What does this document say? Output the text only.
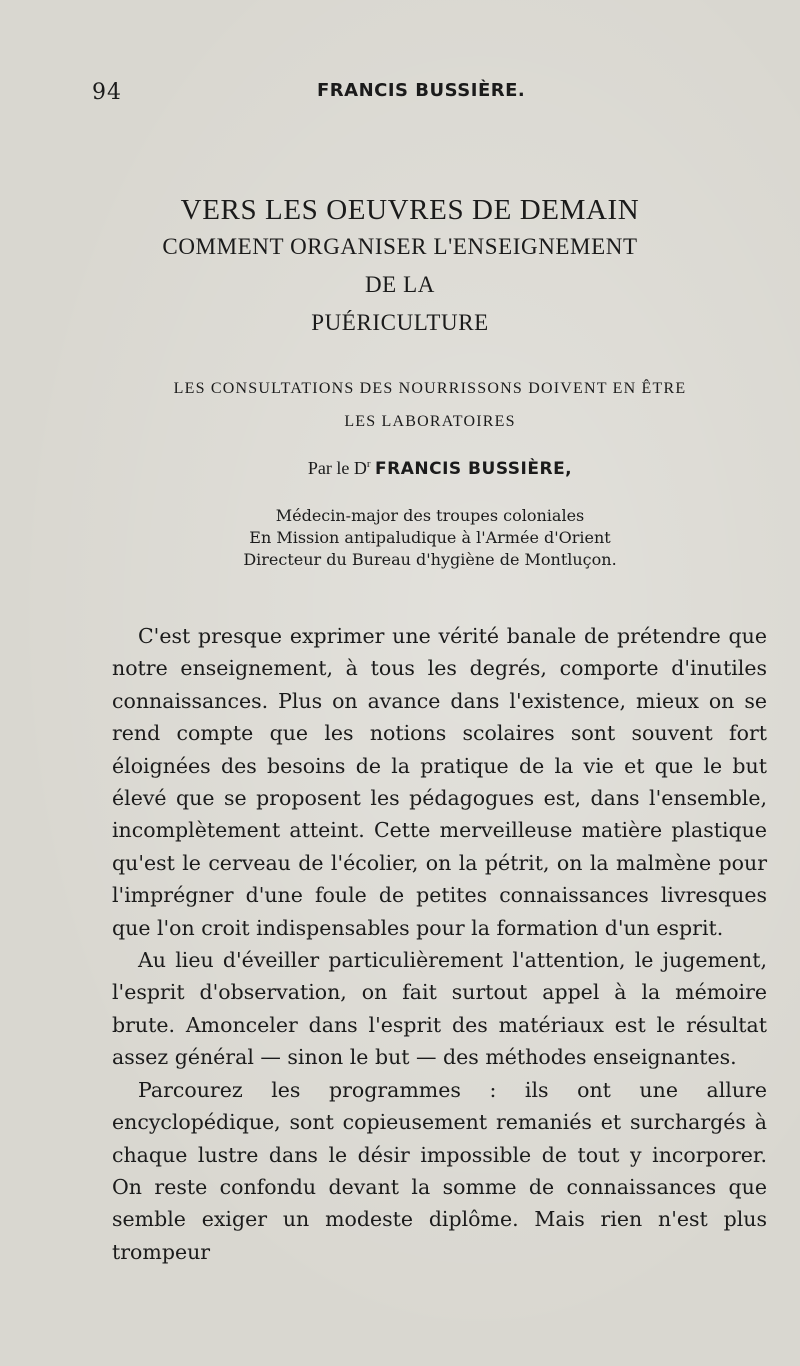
94	FRANCIS BUSSIÈRE.
VERS LES OEUVRES DE DEMAIN
COMMENT ORGANISER L'ENSEIGNEMENT
DE LA
PUÉRICULTURE
LES CONSULTATIONS DES NOURRISSONS DOIVENT EN ÊTRE
LES LABORATOIRES
Par le $D^r$ FRANCIS BUSSIÈRE,
Médecin-major des troupes coloniales
En Mission antipaludique à l'Armée d'Orient
Directeur du Bureau d'hygiène de Montluçon.

C'est presque exprimer une vérité banale de prétendre que notre enseignement, à tous les degrés, comporte d'inutiles connaissances. Plus on avance dans l'existence, mieux on se rend compte que les notions scolaires sont souvent fort éloignées des besoins de la pratique de la vie et que le but élevé que se proposent les pédagogues est, dans l'ensemble, incomplètement atteint. Cette merveilleuse matière plastique qu'est le cerveau de l'écolier, on la pétrit, on la malmène pour l'imprégner d'une foule de petites connaissances livresques que l'on croit indispensables pour la formation d'un esprit.

Au lieu d'éveiller particulièrement l'attention, le jugement, l'esprit d'observation, on fait surtout appel à la mémoire brute. Amonceler dans l'esprit des matériaux est le résultat assez général — sinon le but — des méthodes enseignantes.

Parcourez les programmes : ils ont une allure encyclopédique, sont copieusement remaniés et surchargés à chaque lustre dans le désir impossible de tout y incorporer. On reste confondu devant la somme de connaissances que semble exiger un modeste diplôme. Mais rien n'est plus trompeur
